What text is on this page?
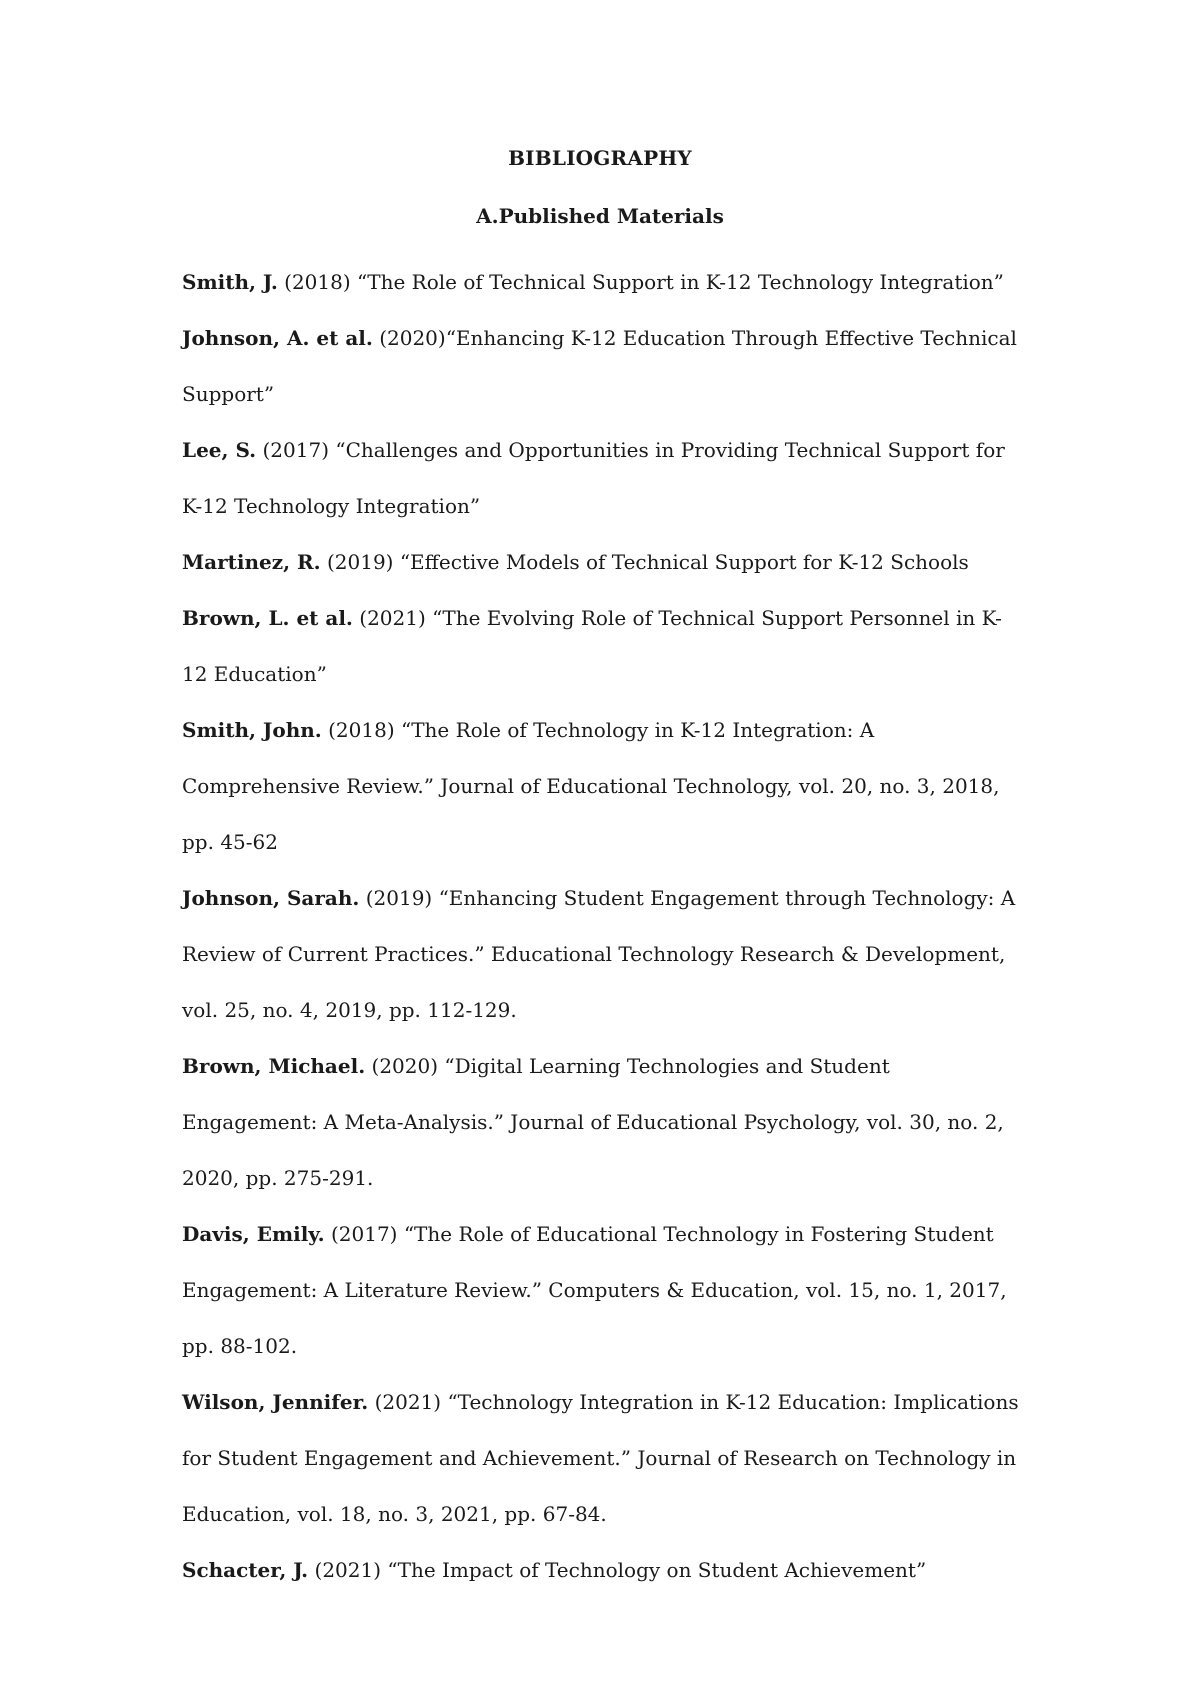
BIBLIOGRAPHY
A.Published Materials
Smith, J. (2018) “The Role of Technical Support in K-12 Technology Integration”
Johnson, A. et al. (2020)“Enhancing K-12 Education Through Effective Technical Support”
Lee, S. (2017) “Challenges and Opportunities in Providing Technical Support for K-12 Technology Integration”
Martinez, R. (2019) “Effective Models of Technical Support for K-12 Schools
Brown, L. et al. (2021) “The Evolving Role of Technical Support Personnel in K-12 Education”
Smith, John. (2018) “The Role of Technology in K-12 Integration: A Comprehensive Review.” Journal of Educational Technology, vol. 20, no. 3, 2018, pp. 45-62
Johnson, Sarah. (2019) “Enhancing Student Engagement through Technology: A Review of Current Practices.” Educational Technology Research & Development, vol. 25, no. 4, 2019, pp. 112-129.
Brown, Michael. (2020) “Digital Learning Technologies and Student Engagement: A Meta-Analysis.” Journal of Educational Psychology, vol. 30, no. 2, 2020, pp. 275-291.
Davis, Emily. (2017) “The Role of Educational Technology in Fostering Student Engagement: A Literature Review.” Computers & Education, vol. 15, no. 1, 2017, pp. 88-102.
Wilson, Jennifer. (2021) “Technology Integration in K-12 Education: Implications for Student Engagement and Achievement.” Journal of Research on Technology in Education, vol. 18, no. 3, 2021, pp. 67-84.
Schacter, J. (2021) “The Impact of Technology on Student Achievement”
